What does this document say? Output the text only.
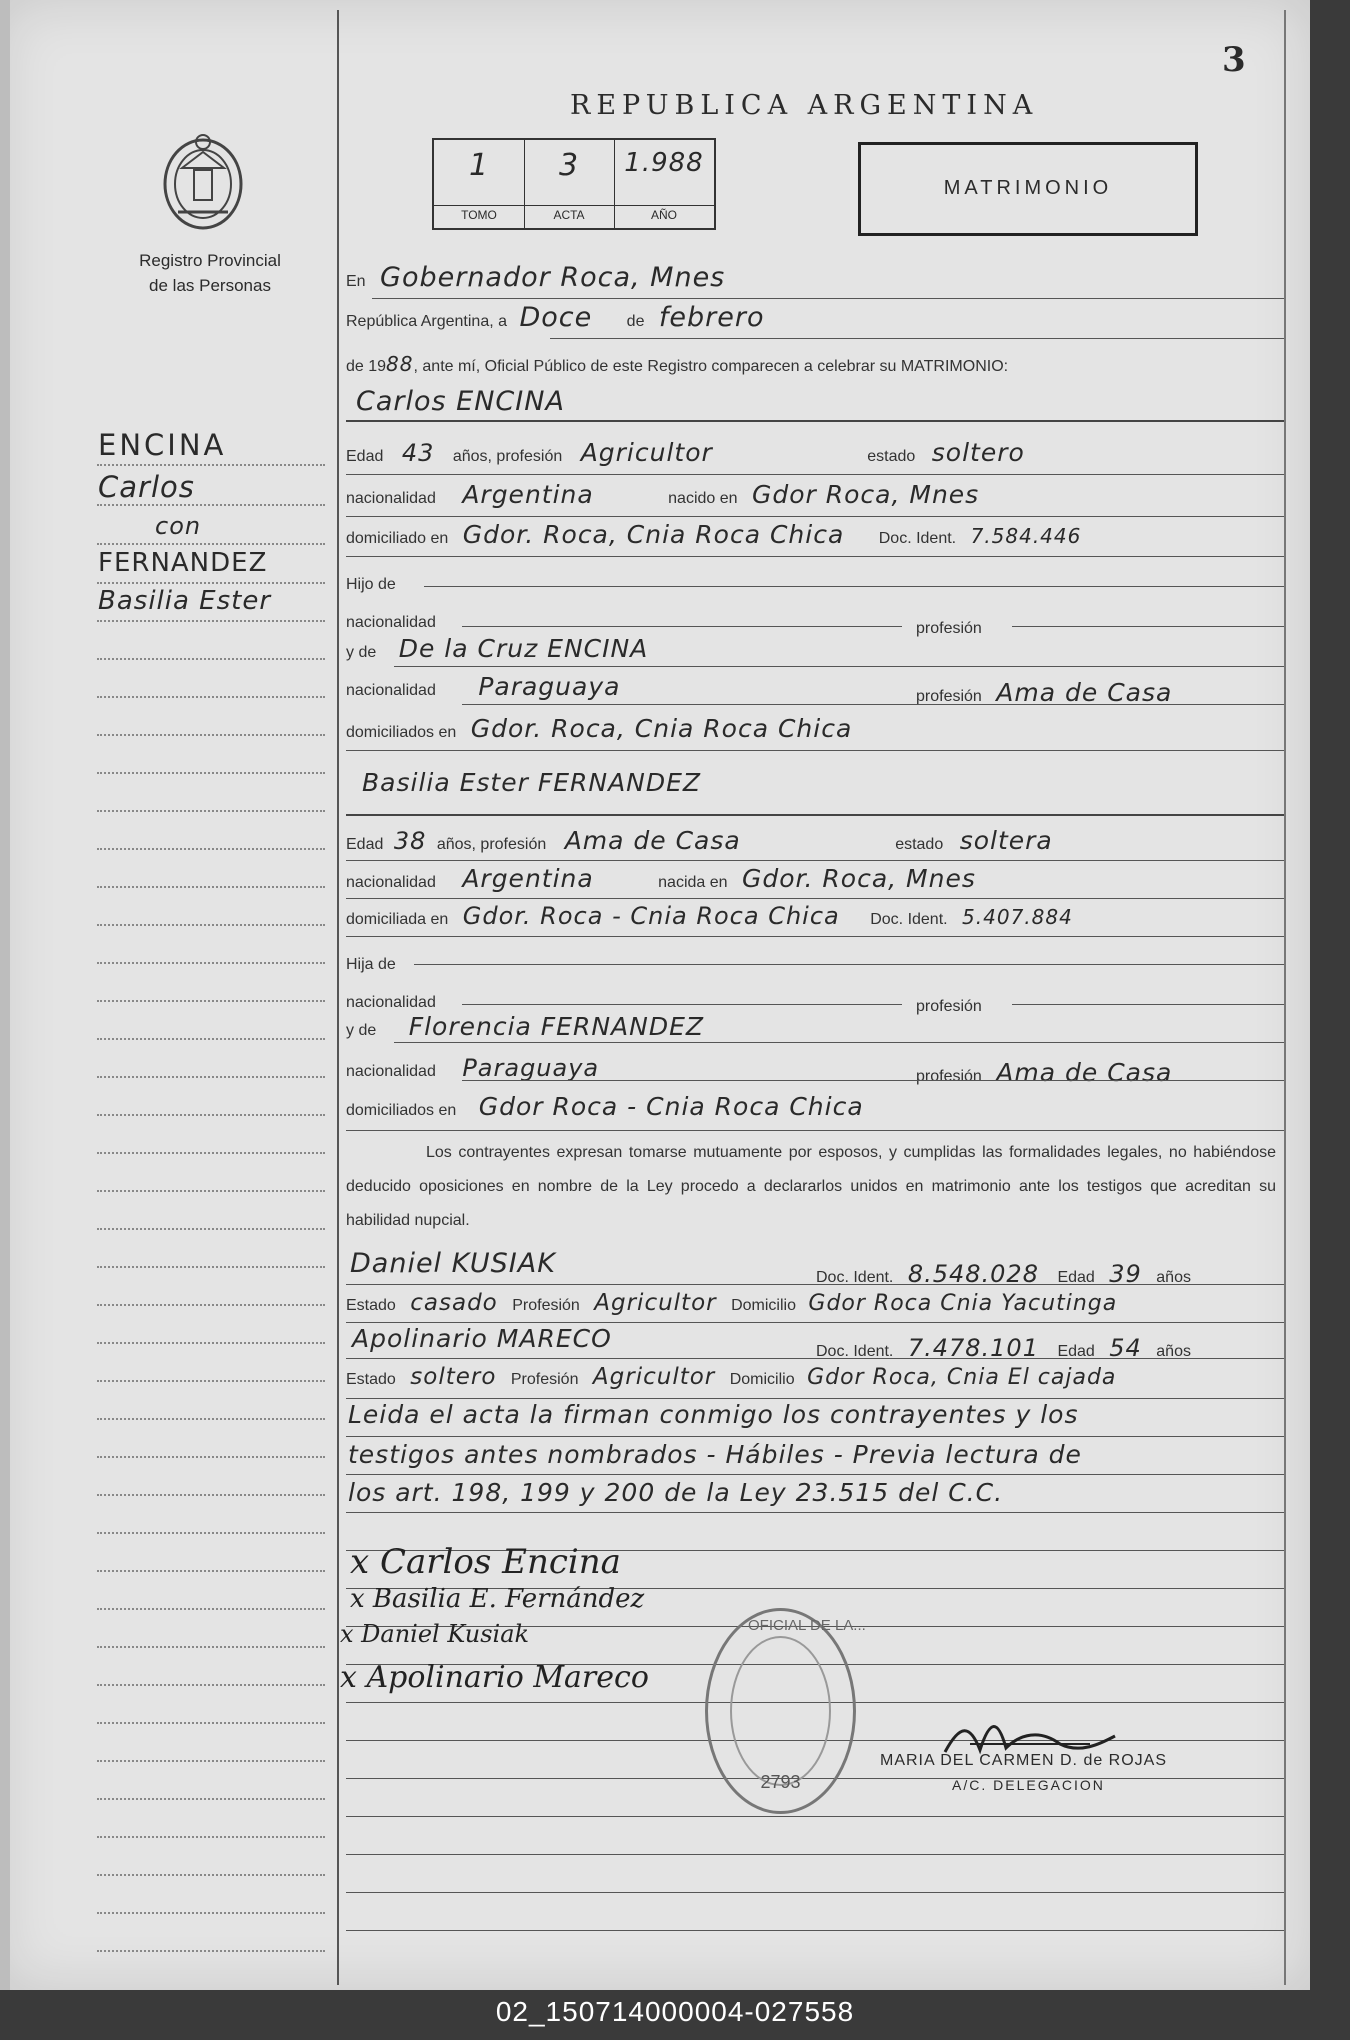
Registro Provincial
de las Personas
ENCINA
Carlos
con
FERNANDEZ
Basilia Ester
3
REPUBLICA ARGENTINA
1
TOMO
3
ACTA
1.988
AÑO
MATRIMONIO
En Gobernador Roca, Mnes
República Argentina, a Doce de febrero
de 1988, ante mí, Oficial Público de este Registro comparecen a celebrar su MATRIMONIO:
Carlos ENCINA
Edad 43 años, profesión Agricultor	estado soltero
nacionalidad Argentina	nacido en Gdor Roca, Mnes
domiciliado en Gdor. Roca, Cnia Roca Chica Doc. Ident. 7.584.446
Hijo de
nacionalidad	profesión
y de De la Cruz ENCINA
nacionalidad Paraguaya	profesión Ama de Casa
domiciliados en Gdor. Roca, Cnia Roca Chica
Basilia Ester FERNANDEZ
Edad 38 años, profesión Ama de Casa	estado soltera
nacionalidad Argentina	nacida en Gdor. Roca, Mnes
domiciliada en Gdor. Roca - Cnia Roca Chica Doc. Ident. 5.407.884
Hija de
nacionalidad	profesión
y de Florencia FERNANDEZ
nacionalidad Paraguaya	profesión Ama de Casa
domiciliados en Gdor Roca - Cnia Roca Chica
Los contrayentes expresan tomarse mutuamente por esposos, y cumplidas las formalidades legales, no habiéndose deducido oposiciones en nombre de la Ley procedo a declararlos unidos en matrimonio ante los testigos que acreditan su habilidad nupcial.
Daniel KUSIAK	Doc. Ident. 8.548.028 Edad 39 años
Estado casado Profesión Agricultor Domicilio Gdor Roca Cnia Yacutinga
Apolinario MARECO	Doc. Ident. 7.478.101 Edad 54 años
Estado soltero Profesión Agricultor Domicilio Gdor Roca, Cnia El cajada
Leida el acta la firman conmigo los contrayentes y los
testigos antes nombrados - Hábiles - Previa lectura de
los art. 198, 199 y 200 de la Ley 23.515 del C.C.
x Carlos Encina
x Basilia E. Fernández
x Daniel Kusiak
x Apolinario Mareco
OFICIAL DE LA...
2793
MARIA DEL CARMEN D. de ROJAS
A/C. DELEGACION
02_150714000004-027558
